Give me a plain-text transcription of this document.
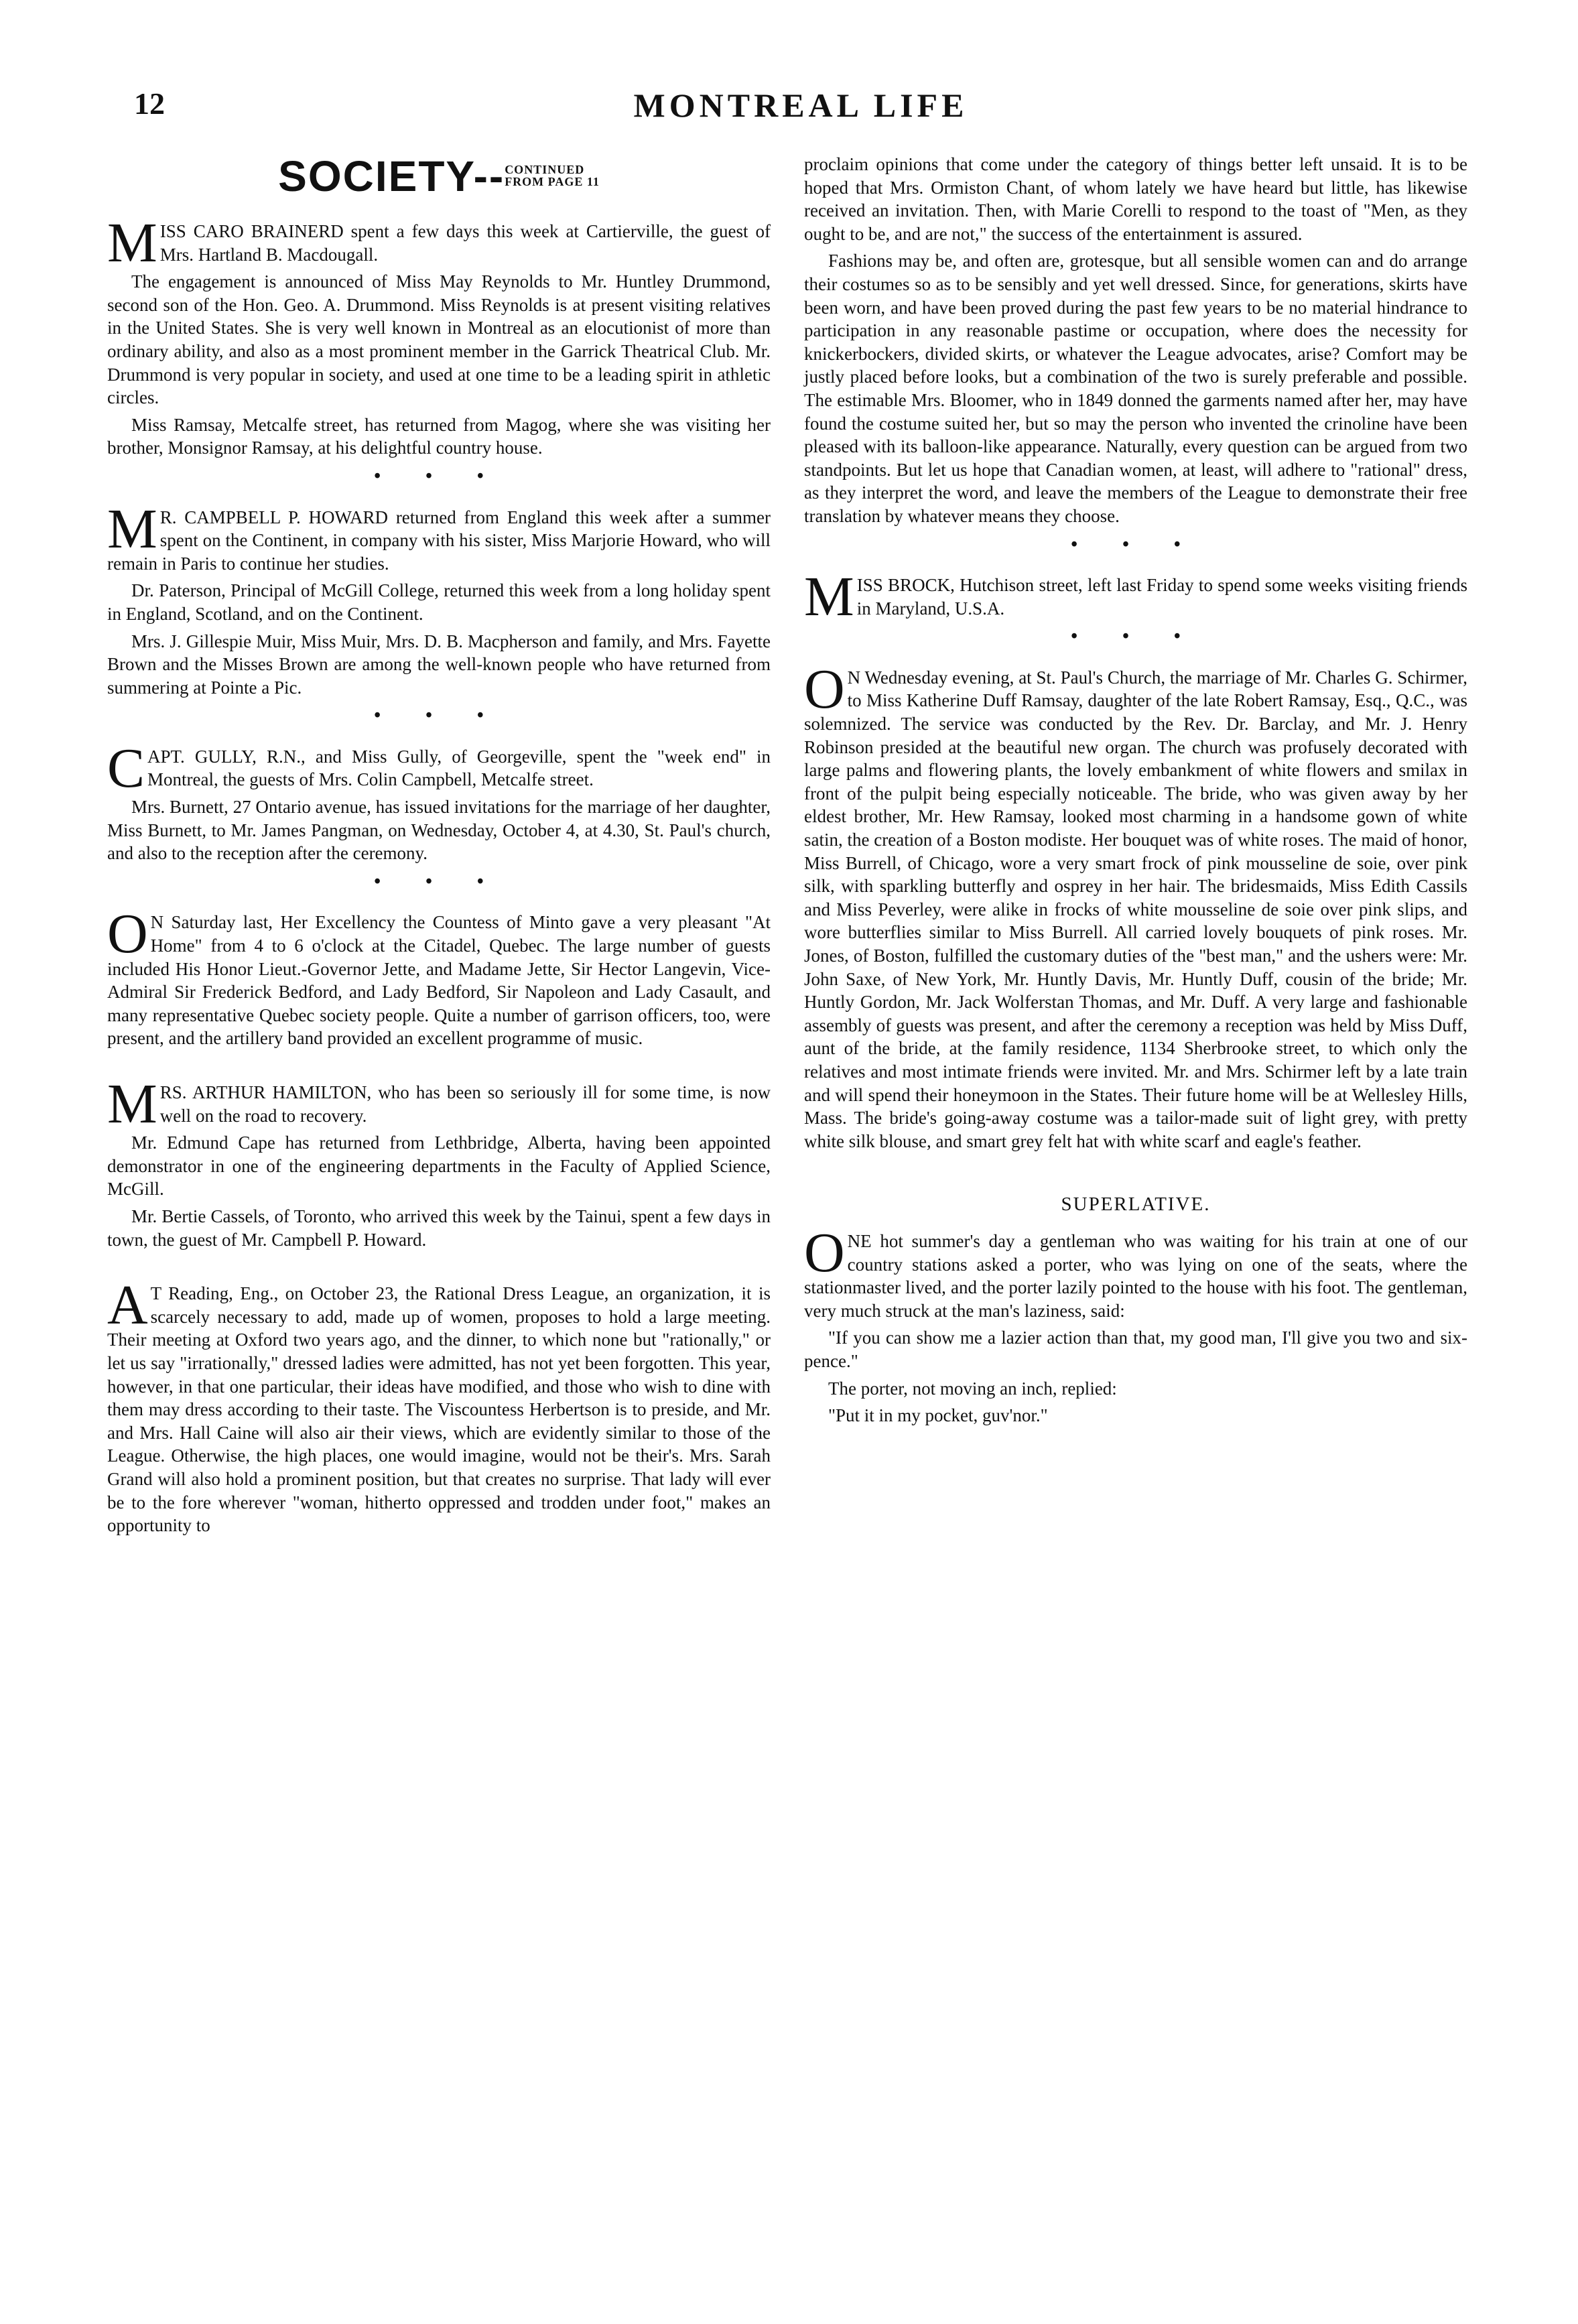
12	MONTREAL LIFE
SOCIETY--CONTINUED
FROM PAGE 11

MISS CARO BRAINERD spent a few days this week at Cartierville, the guest of Mrs. Hartland B. Macdougall.

The engagement is announced of Miss May Reynolds to Mr. Huntley Drummond, second son of the Hon. Geo. A. Drummond. Miss Reynolds is at present visiting relatives in the United States. She is very well known in Montreal as an elocutionist of more than ordinary ability, and also as a most prominent member in the Garrick Theatrical Club. Mr. Drummond is very popular in society, and used at one time to be a leading spirit in athletic circles.

Miss Ramsay, Metcalfe street, has returned from Magog, where she was visiting her brother, Monsignor Ramsay, at his delightful country house.

• • •

M R. CAMPBELL P. HOWARD returned from England this week after a summer spent on the Continent, in company with his sister, Miss Marjorie Howard, who will remain in Paris to continue her studies.

Dr. Paterson, Principal of McGill College, returned this week from a long holiday spent in England, Scotland, and on the Continent.

Mrs. J. Gillespie Muir, Miss Muir, Mrs. D. B. Macpherson and family, and Mrs. Fayette Brown and the Misses Brown are among the well-known people who have returned from summering at Pointe a Pic.

• • •

CAPT. GULLY, R.N., and Miss Gully, of Georgeville, spent the "week end" in Montreal, the guests of Mrs. Colin Campbell, Metcalfe street.

Mrs. Burnett, 27 Ontario avenue, has issued invitations for the marriage of her daughter, Miss Burnett, to Mr. James Pangman, on Wednesday, October 4, at 4.30, St. Paul's church, and also to the reception after the ceremony.

• • •

O N Saturday last, Her Excellency the Countess of Minto gave a very pleasant "At Home" from 4 to 6 o'clock at the Citadel, Quebec. The large number of guests included His Honor Lieut.-Governor Jette, and Madame Jette, Sir Hector Langevin, Vice-Admiral Sir Frederick Bedford, and Lady Bedford, Sir Napoleon and Lady Casault, and many representative Quebec society people. Quite a number of garrison officers, too, were present, and the artillery band provided an excellent programme of music.

MRS. ARTHUR HAMILTON, who has been so seriously ill for some time, is now well on the road to recovery.

Mr. Edmund Cape has returned from Lethbridge, Alberta, having been appointed demonstrator in one of the engineering departments in the Faculty of Applied Science, McGill.

Mr. Bertie Cassels, of Toronto, who arrived this week by the Tainui, spent a few days in town, the guest of Mr. Campbell P. Howard.

A T Reading, Eng., on October 23, the Rational Dress League, an organization, it is scarcely necessary to add, made up of women, proposes to hold a large meeting. Their meeting at Oxford two years ago, and the dinner, to which none but "rationally," or let us say "irrationally," dressed ladies were admitted, has not yet been forgotten. This year, however, in that one particular, their ideas have modified, and those who wish to dine with them may dress according to their taste. The Viscountess Herbertson is to preside, and Mr. and Mrs. Hall Caine will also air their views, which are evidently similar to those of the League. Otherwise, the high places, one would imagine, would not be their's. Mrs. Sarah Grand will also hold a prominent position, but that creates no surprise. That lady will ever be to the fore wherever "woman, hitherto oppressed and trodden under foot," makes an opportunity to

proclaim opinions that come under the category of things better left unsaid. It is to be hoped that Mrs. Ormiston Chant, of whom lately we have heard but little, has likewise received an invitation. Then, with Marie Corelli to respond to the toast of "Men, as they ought to be, and are not," the success of the entertainment is assured.

Fashions may be, and often are, grotesque, but all sensible women can and do arrange their costumes so as to be sensibly and yet well dressed. Since, for generations, skirts have been worn, and have been proved during the past few years to be no material hindrance to participation in any reasonable pastime or occupation, where does the necessity for knickerbockers, divided skirts, or whatever the League advocates, arise? Comfort may be justly placed before looks, but a combination of the two is surely preferable and possible. The estimable Mrs. Bloomer, who in 1849 donned the garments named after her, may have found the costume suited her, but so may the person who invented the crinoline have been pleased with its balloon-like appearance. Naturally, every question can be argued from two standpoints. But let us hope that Canadian women, at least, will adhere to "rational" dress, as they interpret the word, and leave the members of the League to demonstrate their free translation by whatever means they choose.

• • •

MISS BROCK, Hutchison street, left last Friday to spend some weeks visiting friends in Maryland, U.S.A.

• • •

O N Wednesday evening, at St. Paul's Church, the marriage of Mr. Charles G. Schirmer, to Miss Katherine Duff Ramsay, daughter of the late Robert Ramsay, Esq., Q.C., was solemnized. The service was conducted by the Rev. Dr. Barclay, and Mr. J. Henry Robinson presided at the beautiful new organ. The church was profusely decorated with large palms and flowering plants, the lovely embankment of white flowers and smilax in front of the pulpit being especially noticeable. The bride, who was given away by her eldest brother, Mr. Hew Ramsay, looked most charming in a handsome gown of white satin, the creation of a Boston modiste. Her bouquet was of white roses. The maid of honor, Miss Burrell, of Chicago, wore a very smart frock of pink mousseline de soie, over pink silk, with sparkling butterfly and osprey in her hair. The bridesmaids, Miss Edith Cassils and Miss Peverley, were alike in frocks of white mousseline de soie over pink slips, and wore butterflies similar to Miss Burrell. All carried lovely bouquets of pink roses. Mr. Jones, of Boston, fulfilled the customary duties of the "best man," and the ushers were: Mr. John Saxe, of New York, Mr. Huntly Davis, Mr. Huntly Duff, cousin of the bride; Mr. Huntly Gordon, Mr. Jack Wolferstan Thomas, and Mr. Duff. A very large and fashionable assembly of guests was present, and after the ceremony a reception was held by Miss Duff, aunt of the bride, at the family residence, 1134 Sherbrooke street, to which only the relatives and most intimate friends were invited. Mr. and Mrs. Schirmer left by a late train and will spend their honeymoon in the States. Their future home will be at Wellesley Hills, Mass. The bride's going-away costume was a tailor-made suit of light grey, with pretty white silk blouse, and smart grey felt hat with white scarf and eagle's feather.

SUPERLATIVE.

ONE hot summer's day a gentleman who was waiting for his train at one of our country stations asked a porter, who was lying on one of the seats, where the stationmaster lived, and the porter lazily pointed to the house with his foot. The gentleman, very much struck at the man's laziness, said:

"If you can show me a lazier action than that, my good man, I'll give you two and six-pence."

The porter, not moving an inch, replied:

"Put it in my pocket, guv'nor."
